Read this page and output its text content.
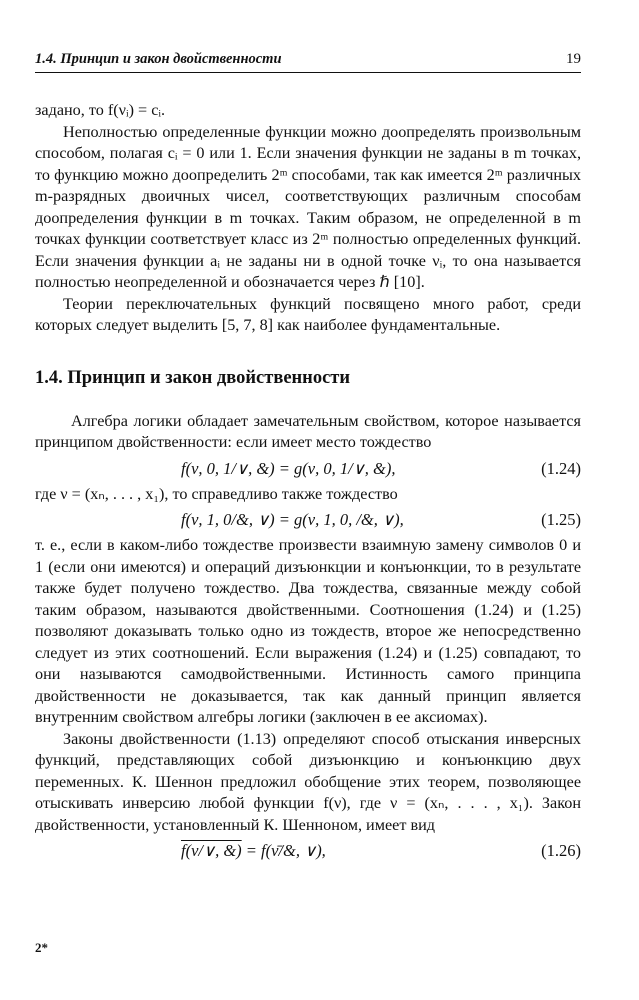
1.4. Принцип и закон двойственности	19

задано, то f(νᵢ) = cᵢ.

Неполностью определенные функции можно доопределять произвольным способом, полагая cᵢ = 0 или 1. Если значения функции не заданы в m точках, то функцию можно доопределить 2ᵐ способами, так как имеется 2ᵐ различных m-разрядных двоичных чисел, соответствующих различным способам доопределения функции в m точках. Таким образом, не определенной в m точках функции соответствует класс из 2ᵐ полностью определенных функций. Если значения функции aᵢ не заданы ни в одной точке νᵢ, то она называется полностью неопределенной и обозначается через ℏ [10].

Теории переключательных функций посвящено много работ, среди которых следует выделить [5, 7, 8] как наиболее фундаментальные.

1.4. Принцип и закон двойственности

Алгебра логики обладает замечательным свойством, которое называется принципом двойственности: если имеет место тождество

f(ν, 0, 1/∨, &) = g(ν, 0, 1/∨, &),	(1.24)

где ν = (xₙ, . . . , x₁), то справедливо также тождество

f(ν, 1, 0/&, ∨) = g(ν, 1, 0, /&, ∨),	(1.25)

т. е., если в каком-либо тождестве произвести взаимную замену символов 0 и 1 (если они имеются) и операций дизъюнкции и конъюнкции, то в результате также будет получено тождество. Два тождества, связанные между собой таким образом, называются двойственными. Соотношения (1.24) и (1.25) позволяют доказывать только одно из тождеств, второе же непосредственно следует из этих соотношений. Если выражения (1.24) и (1.25) совпадают, то они называются самодвойственными. Истинность самого принципа двойственности не доказывается, так как данный принцип является внутренним свойством алгебры логики (заключен в ее аксиомах).

Законы двойственности (1.13) определяют способ отыскания инверсных функций, представляющих собой дизъюнкцию и конъюнкцию двух переменных. К. Шеннон предложил обобщение этих теорем, позволяющее отыскивать инверсию любой функции f(ν), где ν = (xₙ, . . . , x₁). Закон двойственности, установленный К. Шенноном, имеет вид

f(ν/∨, &) = f(ν̄/&, ∨),	(1.26)
2*
